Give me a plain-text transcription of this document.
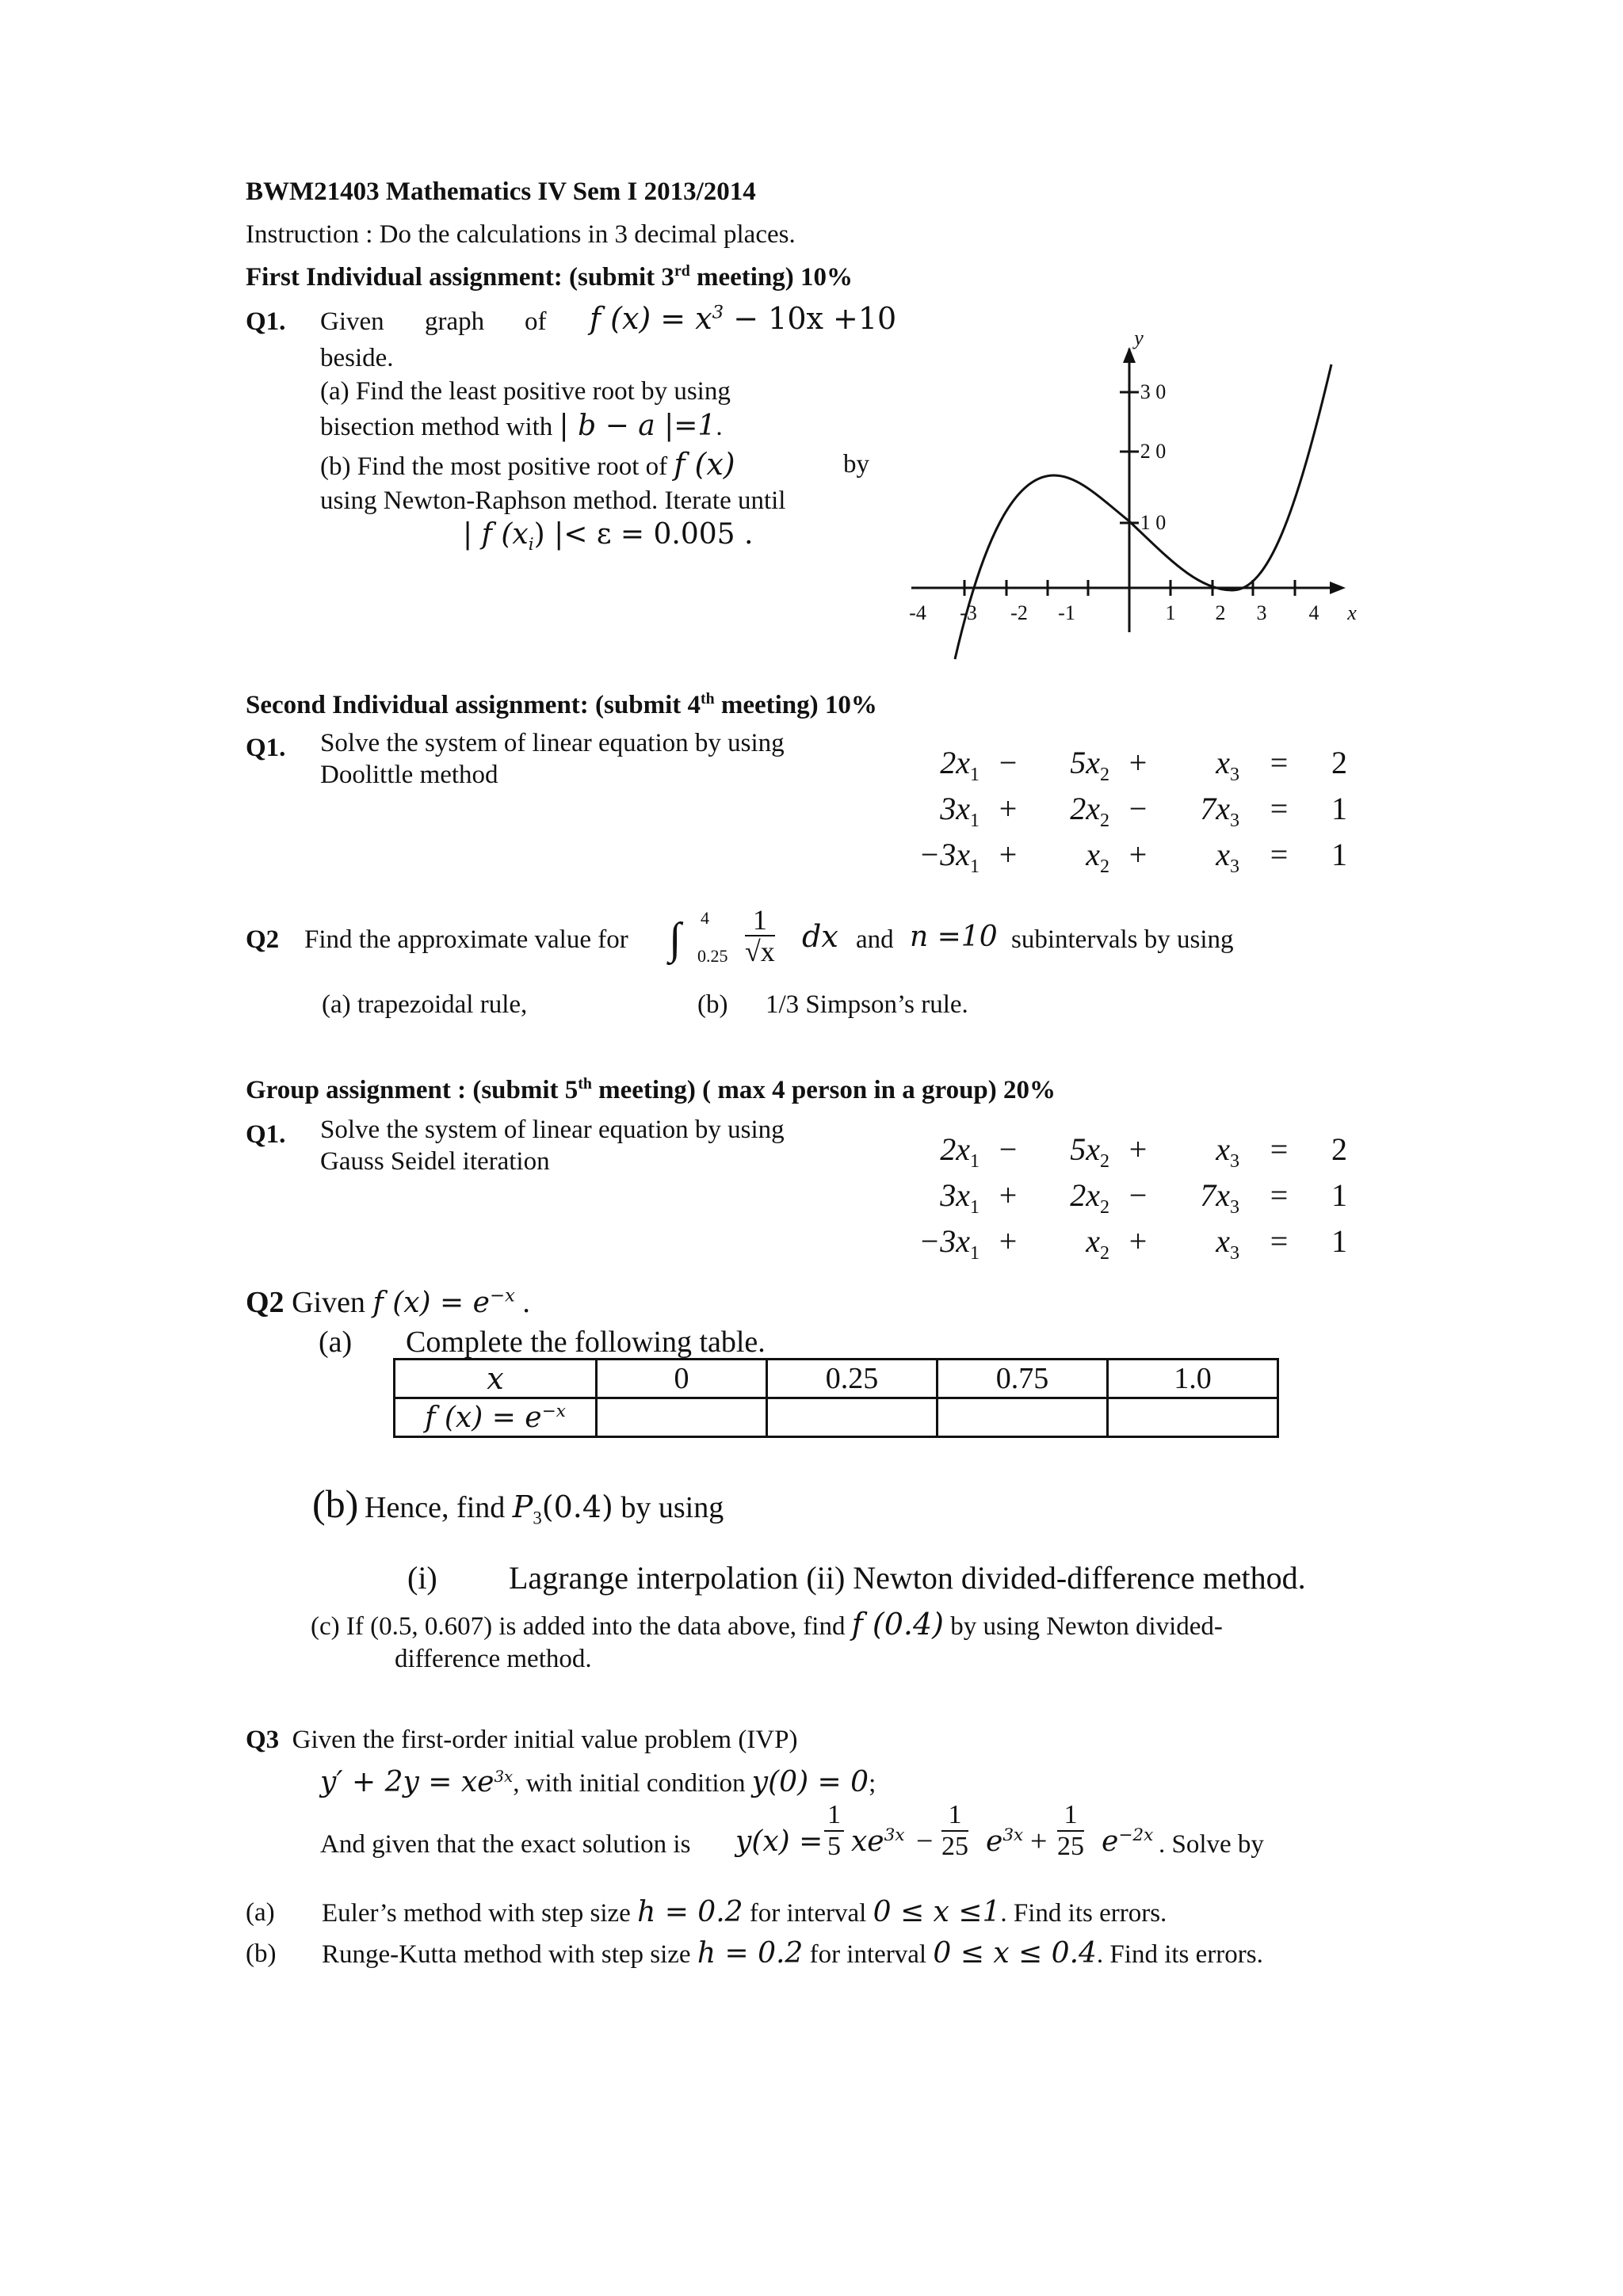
BWM21403 Mathematics IV Sem I 2013/2014
Instruction : Do the calculations in 3 decimal places.
First Individual assignment: (submit 3rd meeting) 10%
Q1. Given graph of f $(x) = x^3 - 10x +10$
beside.
(a) Find the least positive root by using
bisection method with | b − a |=1.
(b) Find the most positive root of f (x)	by
using Newton-Raphson method. Iterate until
| f $(x_i)$ |< ε = 0.005 .
y
x
-4 -3 -2 -1	1 2 3 4
1 0
2 0
3 0
Second Individual assignment: (submit 4th meeting) 10%
Q1. Solve the system of linear equation by using
Doolittle method	$2x_1$	−	$5x_2$	+	$x_3$	=	2
$3x_1$	+	$2x_2$	−	$7x_3$	=	1
$-3x_1$	+	$x_2$	+	$x_3$	=	1
Q2 Find the approximate value for ∫ 4
$0.25 \frac{1}{√x}$ dx and n =10 subintervals by using
(a) trapezoidal rule,	(b) 1/3 Simpson’s rule.
Group assignment : (submit 5th meeting) ( max 4 person in a group) 20%
Q1. Solve the system of linear equation by using
Gauss Seidel iteration	$2x_1$	−	$5x_2$	+	$x_3$	=	2
$3x_1$	+	$2x_2$	−	$7x_3$	=	1
$-3x_1$	+	$x_2$	+	$x_3$	=	1
Q2 Given f $(x) = e^{-x}$ .
(a) Complete the following table.
x	0	0.25	0.75	1.0
f $(x) = e^{-x}$				
(b) Hence, find $P_3(0.4)$ by using
(i) Lagrange interpolation (ii) Newton divided-difference method.
(c) If (0.5, 0.607) is added into the data above, find f (0.4) by using Newton divided-
difference method.
Q3 Given the first-order initial value problem (IVP)
$y' + 2y = xe^{3x}$, with initial condition y(0) = 0;
And given that the exact solution is $y(x) = \frac{1}{5} xe^{3x} - \frac{1}{25} e^{3x} + \frac{1}{25} e^{-2x}$ . Solve by
(a) Euler’s method with step size h = 0.2 for interval 0 ≤ x ≤1. Find its errors.
(b) Runge-Kutta method with step size h = 0.2 for interval 0 ≤ x ≤ 0.4. Find its errors.
